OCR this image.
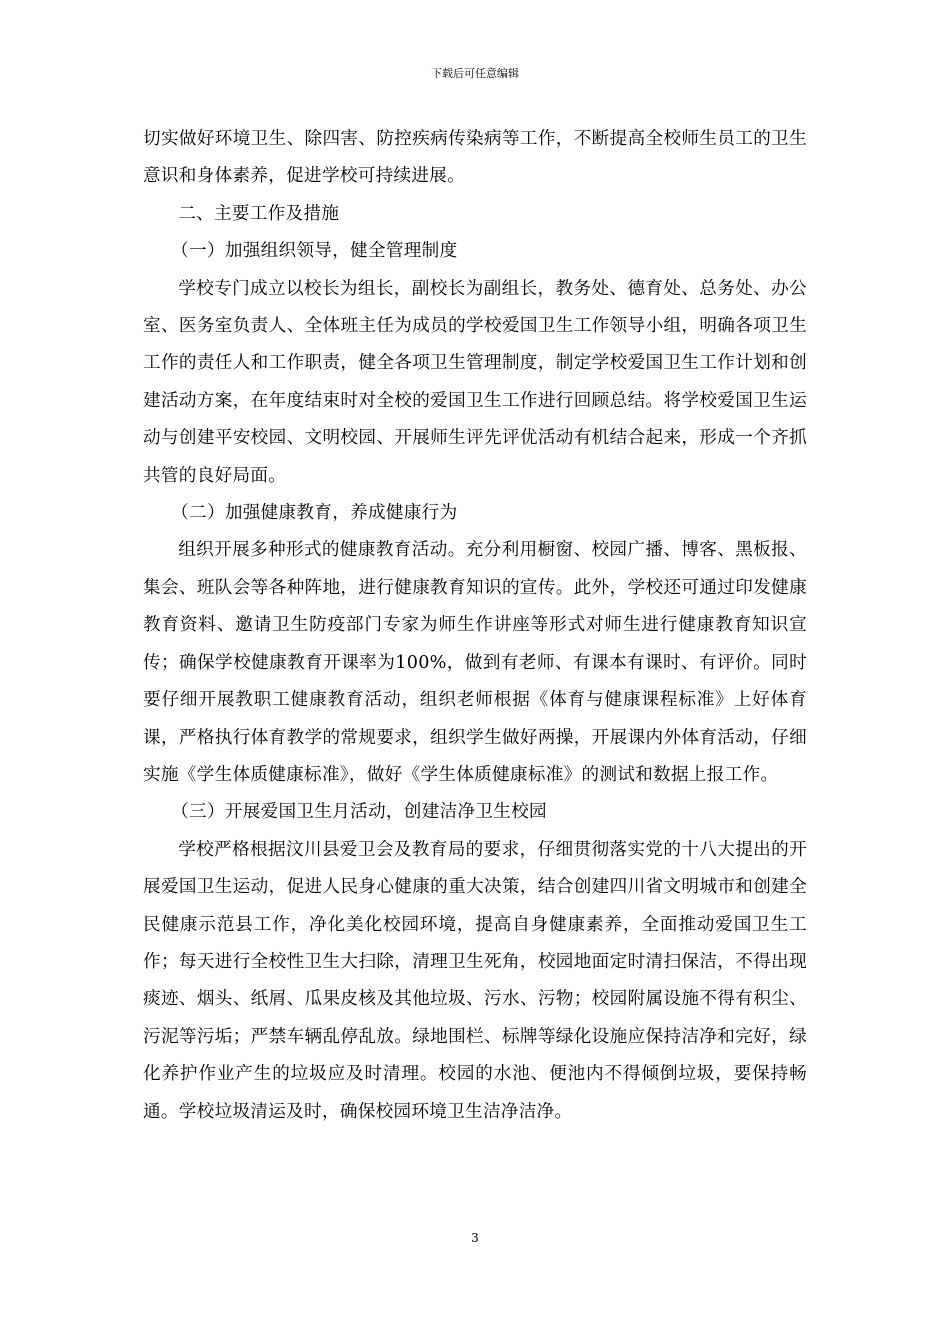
下载后可任意编辑

切实做好环境卫生、除四害、防控疾病传染病等工作，不断提高全校师生员工的卫生意识和身体素养，促进学校可持续进展。

二、主要工作及措施

（一）加强组织领导，健全管理制度

学校专门成立以校长为组长，副校长为副组长，教务处、德育处、总务处、办公室、医务室负责人、全体班主任为成员的学校爱国卫生工作领导小组，明确各项卫生工作的责任人和工作职责，健全各项卫生管理制度，制定学校爱国卫生工作计划和创建活动方案，在年度结束时对全校的爱国卫生工作进行回顾总结。将学校爱国卫生运动与创建平安校园、文明校园、开展师生评先评优活动有机结合起来，形成一个齐抓共管的良好局面。

（二）加强健康教育，养成健康行为

组织开展多种形式的健康教育活动。充分利用橱窗、校园广播、博客、黑板报、集会、班队会等各种阵地，进行健康教育知识的宣传。此外，学校还可通过印发健康教育资料、邀请卫生防疫部门专家为师生作讲座等形式对师生进行健康教育知识宣传；确保学校健康教育开课率为100%，做到有老师、有课本有课时、有评价。同时要仔细开展教职工健康教育活动，组织老师根据《体育与健康课程标准》上好体育课，严格执行体育教学的常规要求，组织学生做好两操，开展课内外体育活动，仔细实施《学生体质健康标准》，做好《学生体质健康标准》的测试和数据上报工作。

（三）开展爱国卫生月活动，创建洁净卫生校园

学校严格根据汶川县爱卫会及教育局的要求，仔细贯彻落实党的十八大提出的开展爱国卫生运动，促进人民身心健康的重大决策，结合创建四川省文明城市和创建全民健康示范县工作，净化美化校园环境，提高自身健康素养，全面推动爱国卫生工作；每天进行全校性卫生大扫除，清理卫生死角，校园地面定时清扫保洁，不得出现痰迹、烟头、纸屑、瓜果皮核及其他垃圾、污水、污物；校园附属设施不得有积尘、污泥等污垢；严禁车辆乱停乱放。绿地围栏、标牌等绿化设施应保持洁净和完好，绿化养护作业产生的垃圾应及时清理。校园的水池、便池内不得倾倒垃圾，要保持畅通。学校垃圾清运及时，确保校园环境卫生洁净洁净。

3
